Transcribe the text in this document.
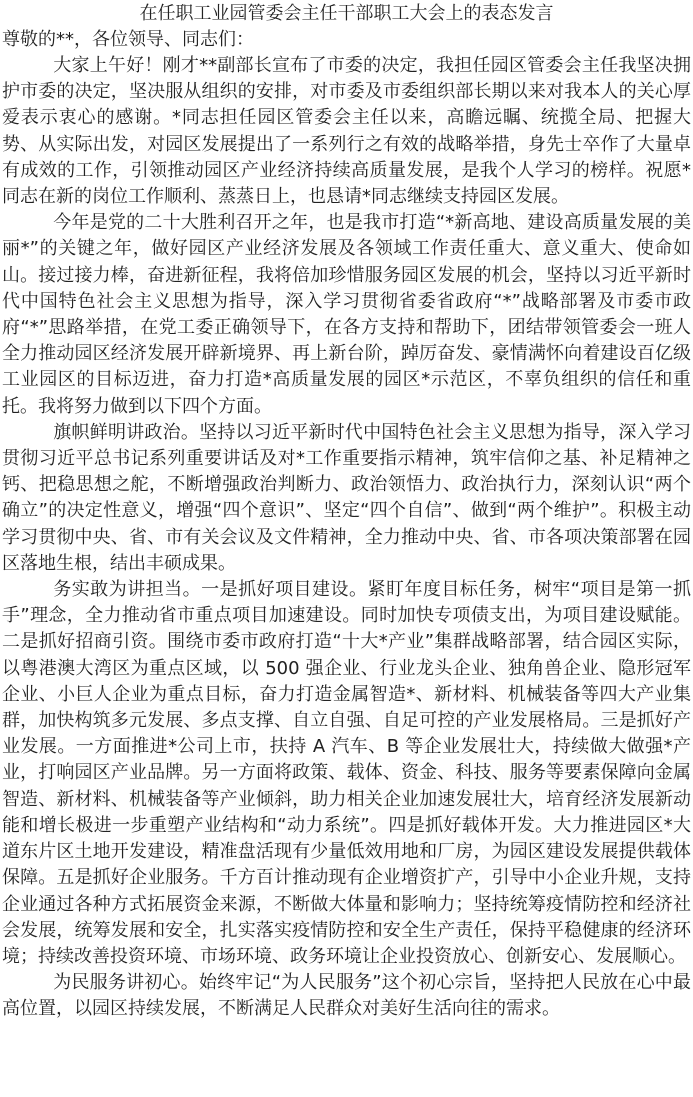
在任职工业园管委会主任干部职工大会上的表态发言

尊敬的**，各位领导、同志们：

大家上午好！刚才**副部长宣布了市委的决定，我担任园区管委会主任我坚决拥护市委的决定，坚决服从组织的安排，对市委及市委组织部长期以来对我本人的关心厚爱表示衷心的感谢。*同志担任园区管委会主任以来，高瞻远瞩、统揽全局、把握大势、从实际出发，对园区发展提出了一系列行之有效的战略举措，身先士卒作了大量卓有成效的工作，引领推动园区产业经济持续高质量发展，是我个人学习的榜样。祝愿*同志在新的岗位工作顺利、蒸蒸日上，也恳请*同志继续支持园区发展。

今年是党的二十大胜利召开之年，也是我市打造“*新高地、建设高质量发展的美丽*”的关键之年，做好园区产业经济发展及各领域工作责任重大、意义重大、使命如山。接过接力棒，奋进新征程，我将倍加珍惜服务园区发展的机会，坚持以习近平新时代中国特色社会主义思想为指导，深入学习贯彻省委省政府“*”战略部署及市委市政府“*”思路举措，在党工委正确领导下，在各方支持和帮助下，团结带领管委会一班人全力推动园区经济发展开辟新境界、再上新台阶，踔厉奋发、豪情满怀向着建设百亿级工业园区的目标迈进，奋力打造*高质量发展的园区*示范区，不辜负组织的信任和重托。我将努力做到以下四个方面。

旗帜鲜明讲政治。坚持以习近平新时代中国特色社会主义思想为指导，深入学习贯彻习近平总书记系列重要讲话及对*工作重要指示精神，筑牢信仰之基、补足精神之钙、把稳思想之舵，不断增强政治判断力、政治领悟力、政治执行力，深刻认识“两个确立”的决定性意义，增强“四个意识”、坚定“四个自信”、做到“两个维护”。积极主动学习贯彻中央、省、市有关会议及文件精神，全力推动中央、省、市各项决策部署在园区落地生根，结出丰硕成果。

务实敢为讲担当。一是抓好项目建设。紧盯年度目标任务，树牢“项目是第一抓手”理念，全力推动省市重点项目加速建设。同时加快专项债支出，为项目建设赋能。二是抓好招商引资。围绕市委市政府打造“十大*产业”集群战略部署，结合园区实际，以粤港澳大湾区为重点区域，以 500 强企业、行业龙头企业、独角兽企业、隐形冠军企业、小巨人企业为重点目标，奋力打造金属智造*、新材料、机械装备等四大产业集群，加快构筑多元发展、多点支撑、自立自强、自足可控的产业发展格局。三是抓好产业发展。一方面推进*公司上市，扶持 A 汽车、B 等企业发展壮大，持续做大做强*产业，打响园区产业品牌。另一方面将政策、载体、资金、科技、服务等要素保障向金属智造、新材料、机械装备等产业倾斜，助力相关企业加速发展壮大，培育经济发展新动能和增长极进一步重塑产业结构和“动力系统”。四是抓好载体开发。大力推进园区*大道东片区土地开发建设，精准盘活现有少量低效用地和厂房，为园区建设发展提供载体保障。五是抓好企业服务。千方百计推动现有企业增资扩产，引导中小企业升规，支持企业通过各种方式拓展资金来源，不断做大体量和影响力；坚持统筹疫情防控和经济社会发展，统筹发展和安全，扎实落实疫情防控和安全生产责任，保持平稳健康的经济环境；持续改善投资环境、市场环境、政务环境让企业投资放心、创新安心、发展顺心。

为民服务讲初心。始终牢记“为人民服务”这个初心宗旨，坚持把人民放在心中最高位置，以园区持续发展，不断满足人民群众对美好生活向往的需求。
